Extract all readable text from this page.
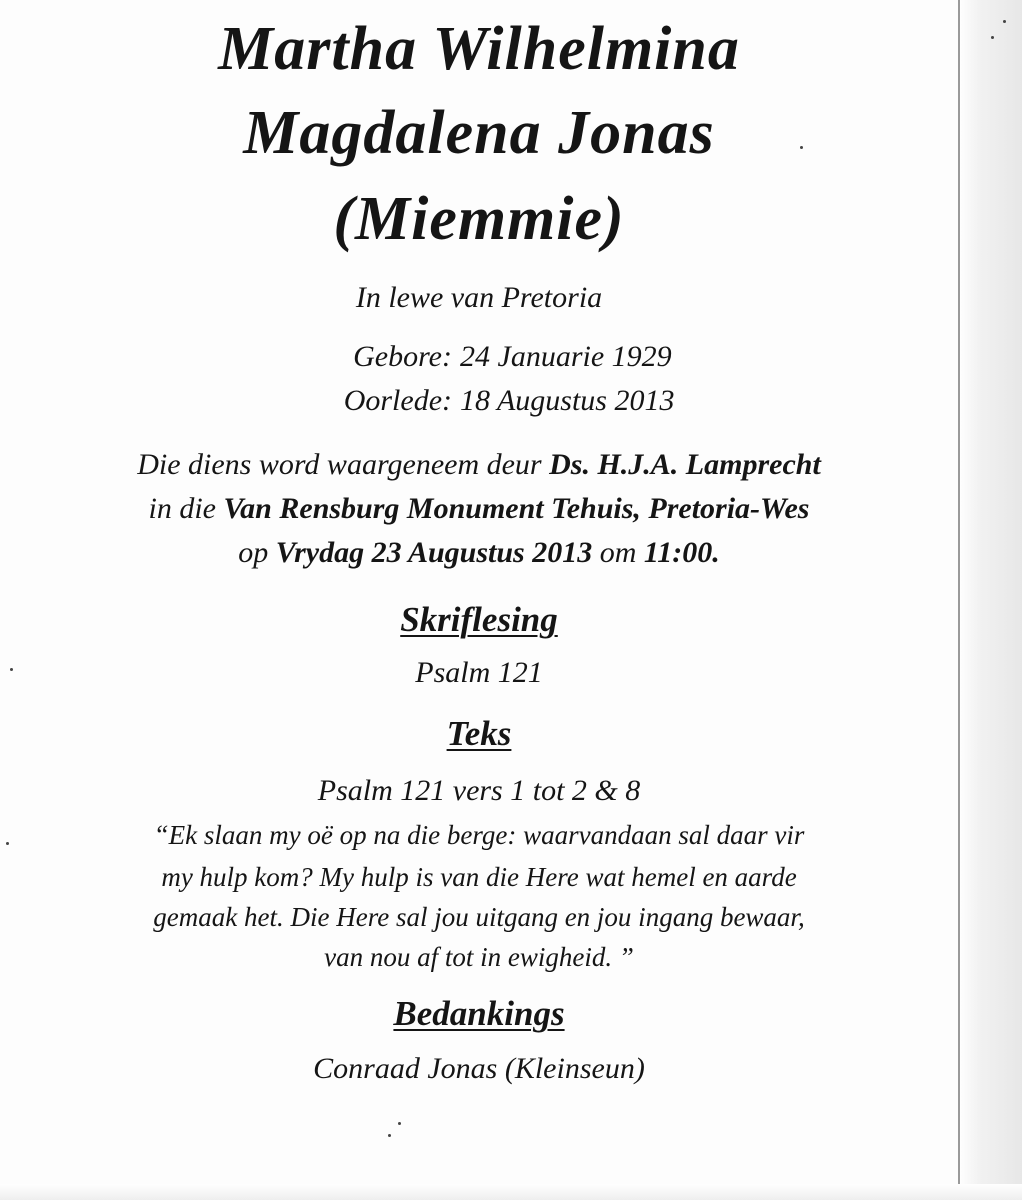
Martha Wilhelmina
Magdalena Jonas
(Miemmie)
In lewe van Pretoria
Gebore: 24 Januarie 1929
Oorlede: 18 Augustus 2013
Die diens word waargeneem deur Ds. H.J.A. Lamprecht
in die Van Rensburg Monument Tehuis, Pretoria-Wes
op Vrydag 23 Augustus 2013 om 11:00.
Skriflesing
Psalm 121
Teks
Psalm 121 vers 1 tot 2 & 8
“Ek slaan my oë op na die berge: waarvandaan sal daar vir
my hulp kom? My hulp is van die Here wat hemel en aarde
gemaak het. Die Here sal jou uitgang en jou ingang bewaar,
van nou af tot in ewigheid. ”
Bedankings
Conraad Jonas (Kleinseun)
